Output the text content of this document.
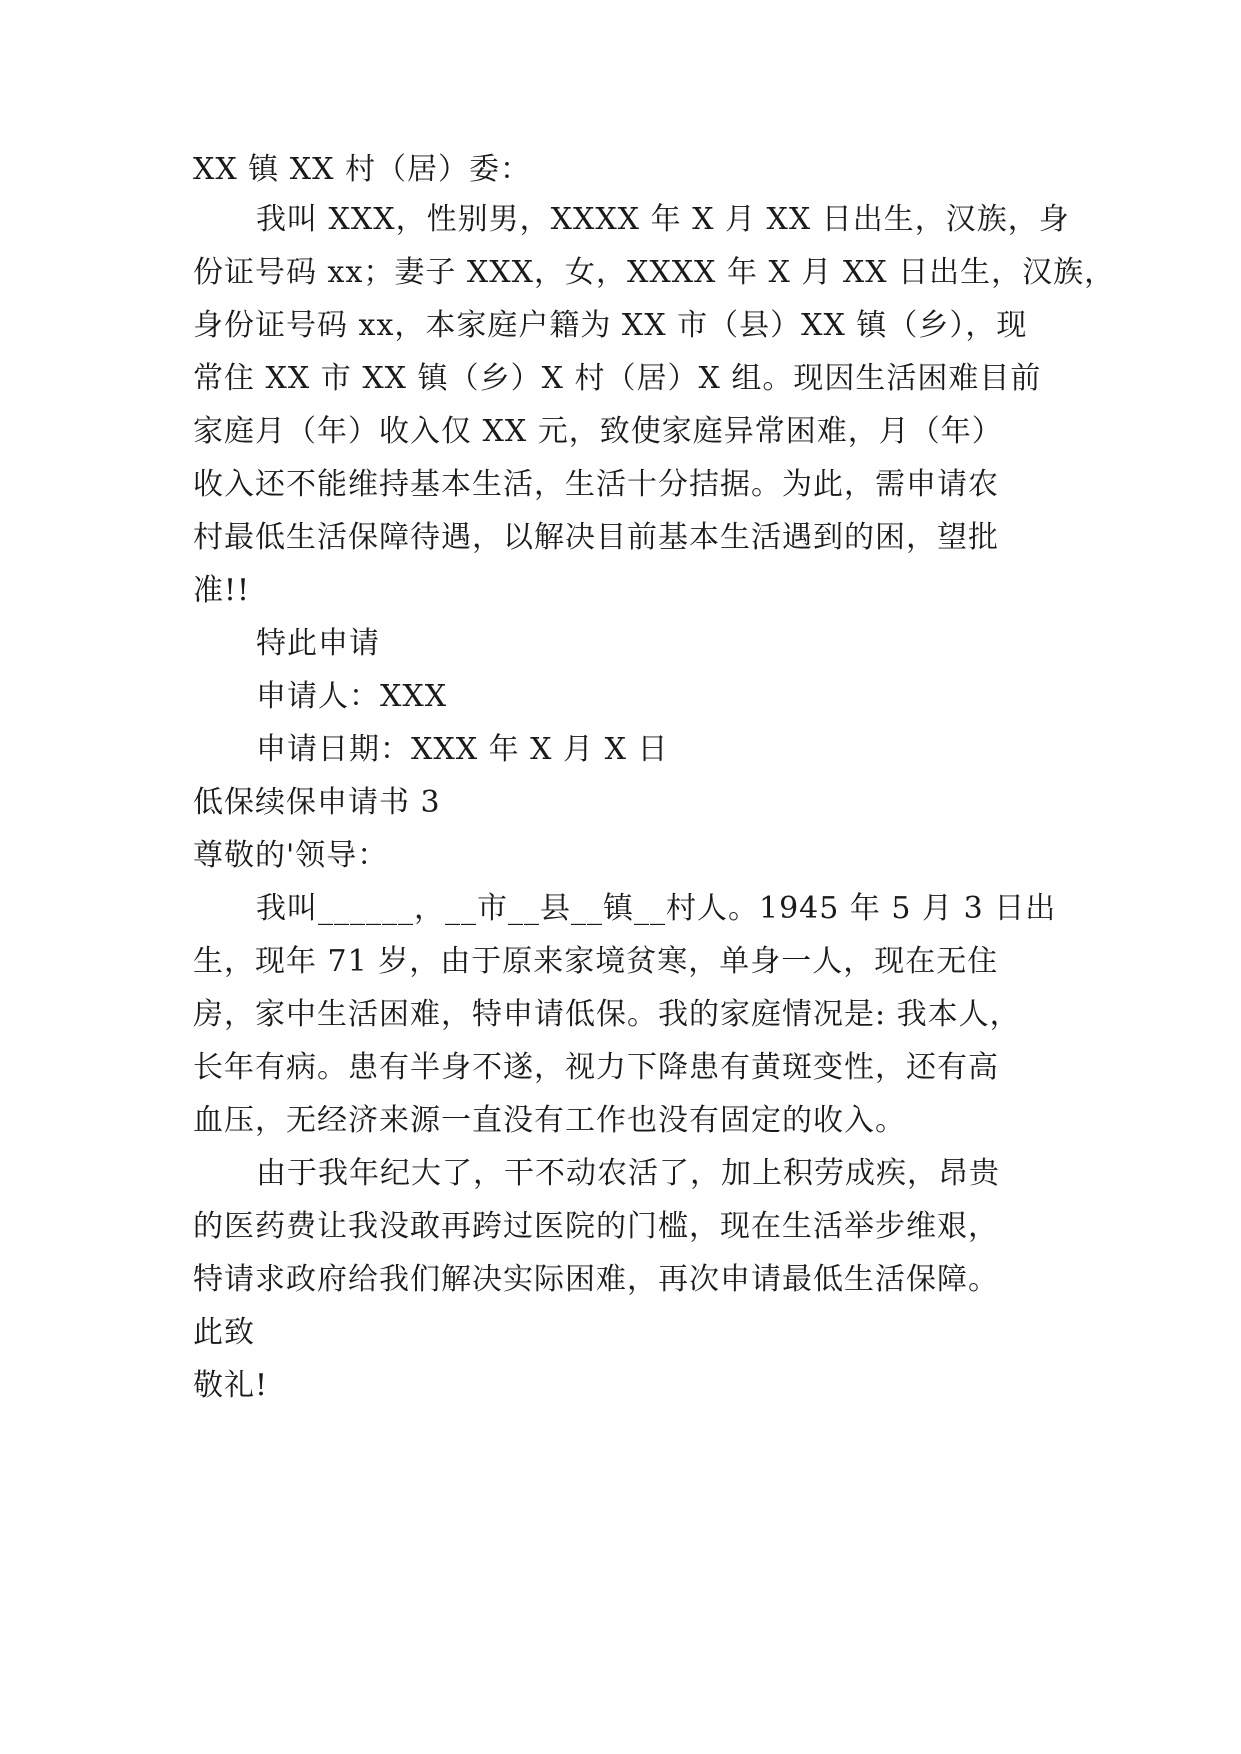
XX 镇 XX 村（居）委：
我叫 XXX，性别男，XXXX 年 X 月 XX 日出生，汉族，身
份证号码 xx；妻子 XXX，女，XXXX 年 X 月 XX 日出生，汉族，
身份证号码 xx，本家庭户籍为 XX 市（县）XX 镇（乡），现
常住 XX 市 XX 镇（乡）X 村（居）X 组。现因生活困难目前
家庭月（年）收入仅 XX 元，致使家庭异常困难，月（年）
收入还不能维持基本生活，生活十分拮据。为此，需申请农
村最低生活保障待遇，以解决目前基本生活遇到的困，望批
准!!
特此申请
申请人：XXX
申请日期：XXX 年 X 月 X 日
低保续保申请书 3
尊敬的'领导：
我叫______，__市__县__镇__村人。1945 年 5 月 3 日出
生，现年 71 岁，由于原来家境贫寒，单身一人，现在无住
房，家中生活困难，特申请低保。我的家庭情况是: 我本人，
长年有病。患有半身不遂，视力下降患有黄斑变性，还有高
血压，无经济来源一直没有工作也没有固定的收入。
由于我年纪大了，干不动农活了，加上积劳成疾，昂贵
的医药费让我没敢再跨过医院的门槛，现在生活举步维艰，
特请求政府给我们解决实际困难，再次申请最低生活保障。
此致
敬礼!
